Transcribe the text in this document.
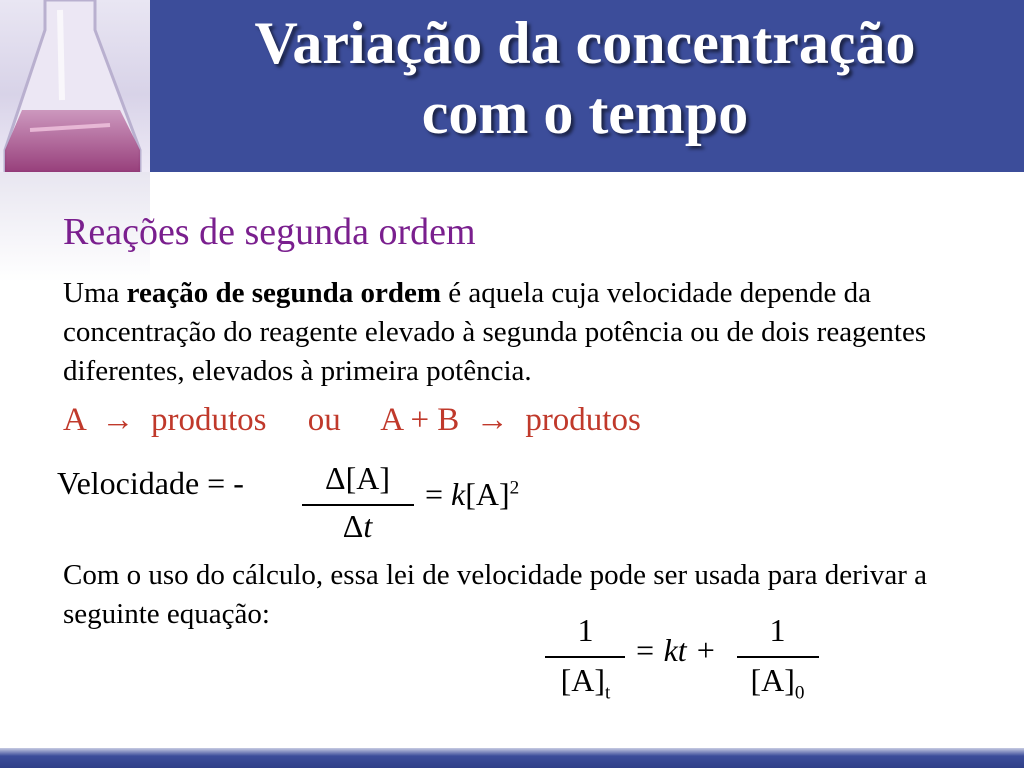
Variação da concentração
com o tempo
Reações de segunda ordem
Uma reação de segunda ordem é aquela cuja velocidade depende da concentração do reagente elevado à segunda potência ou de dois reagentes diferentes, elevados à primeira potência.
A  →  produtos     ou     A + B  →  produtos
Velocidade = -	Δ[A]
Δt
= $k[A]^2$
Com o uso do cálculo, essa lei de velocidade pode ser usada para derivar a seguinte equação:	1
$[A]_t$
= kt +
1
$[A]_0$
